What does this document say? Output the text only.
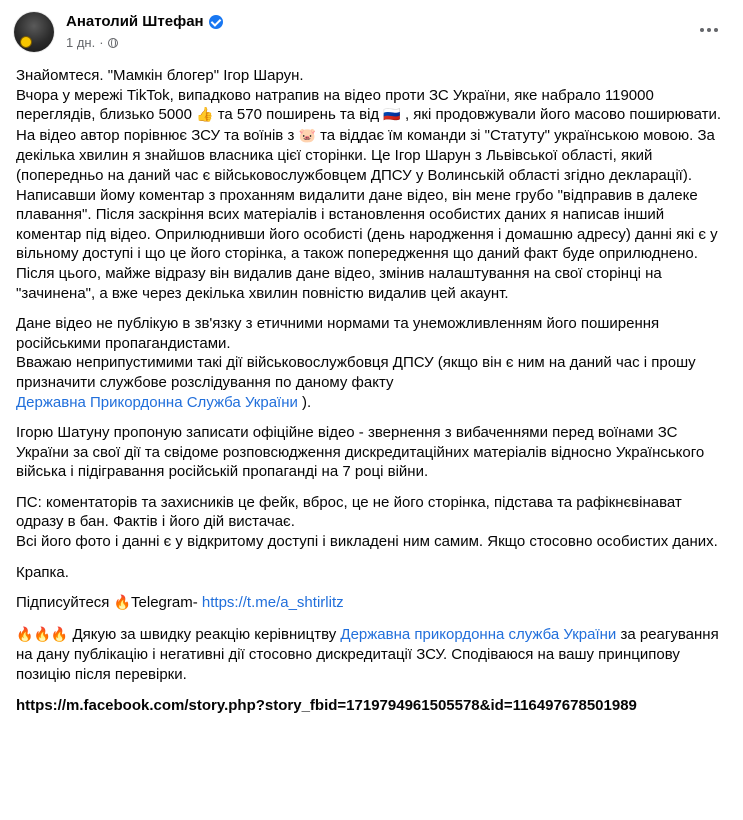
Анатолий Штефан
1 дн. ·

Знайомтеся. "Мамкін блогер" Ігор Шарун.
Вчора у мережі TikTok, випадково натрапив на відео проти ЗС України, яке набрало 119000 переглядів, близько 5000 👍 та 570 поширень та від 🇷🇺 , які продовжували його масово поширювати.
На відео автор порівнює ЗСУ та воїнів з 🐷 та віддає їм команди зі "Статуту" українською мовою. За декілька хвилин я знайшов власника цієї сторінки. Це Ігор Шарун з Львівської області, який (попередньо на даний час є військовослужбовцем ДПСУ у Волинській області згідно декларації).
Написавши йому коментар з проханням видалити дане відео, він мене грубо "відправив в далеке плавання". Після заскріння всих матеріалів і встановлення особистих даних я написав інший коментар під відео. Оприлюднивши його особисті (день народження і домашню адресу) данні які є у вільному доступі і що це його сторінка, а також попередження що даний факт буде оприлюднено.
Після цього, майже відразу він видалив дане відео, змінив налаштування на свої сторінці на "зачинена", а вже через декілька хвилин повністю видалив цей акаунт.

Дане відео не публікую в зв'язку з етичними нормами та унеможливленням його поширення російськими пропагандистами.
Вважаю неприпустимими такі дії військовослужбовця ДПСУ (якщо він є ним на даний час і прошу призначити службове розслідування по даному факту
Державна Прикордонна Служба України ).

Ігорю Шатуну пропоную записати офіційне відео - звернення з вибаченнями перед воїнами ЗС України за свої дії та свідоме розповсюдження дискредитаційних матеріалів відносно Українського війська і підігравання російській пропаганді на 7 році війни.

ПС: коментаторів та захисників це фейк, вброс, це не його сторінка, підстава та рафікнєвінават одразу в бан. Фактів і його дій вистачає.
Всі його фото і данні є у відкритому доступі і викладені ним самим. Якщо стосовно особистих даних.

Крапка.

Підписуйтеся 🔥Telegram- https://t.me/a_shtirlitz

🔥🔥🔥 Дякую за швидку реакцію керівництву Державна прикордонна служба України за реагування на дану публікацію і негативні дії стосовно дискредитації ЗСУ. Сподіваюся на вашу принципову позицію після перевірки.

https://m.facebook.com/story.php?story_fbid=1719794961505578&id=116497678501989
